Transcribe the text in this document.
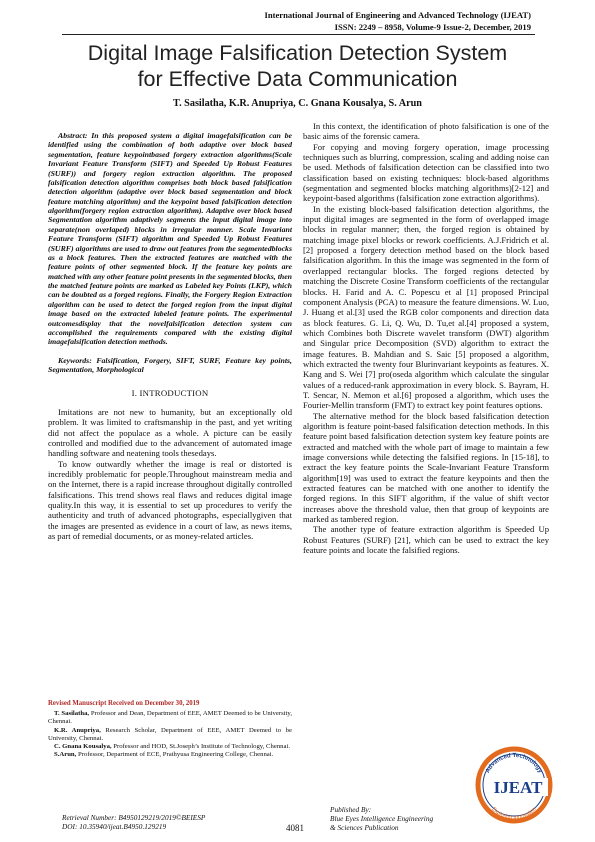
International Journal of Engineering and Advanced Technology (IJEAT)
ISSN: 2249 – 8958, Volume-9 Issue-2, December, 2019
Digital Image Falsification Detection System
for Effective Data Communication
T. Sasilatha, K.R. Anupriya, C. Gnana Kousalya, S. Arun

Abstract: In this proposed system a digital imagefalsification can be identified using the combination of both adaptive over block based segmentation, feature keypointbased forgery extraction algorithms(Scale Invariant Feature Transform (SIFT) and Speeded Up Robust Features (SURF)) and forgery region extraction algorithm. The proposed falsification detection algorithm comprises both block based falsification detection algorithm (adaptive over block based segmentation and block feature matching algorithm) and the keypoint based falsification detection algorithm(forgery region extraction algorithm). Adaptive over block based Segmentation algorithm adaptively segments the input digital image into separate(non overlaped) blocks in irregular manner. Scale Invariant Feature Transform (SIFT) algorithm and Speeded Up Robust Features (SURF) algorithms are used to draw out features from the segmentedblocks as a block features. Then the extracted features are matched with the feature points of other segmented block. If the feature key points are matched with any other feature point presents in the segmented blocks, then the matched feature points are marked as Labeled key Points (LKP), which can be doubted as a forged regions. Finally, the Forgery Region Extraction algorithm can be used to detect the forged region from the input digital image based on the extracted labeled feature points. The experimental outcomesdisplay that the novelfalsification detection system can accomplished the requirements compared with the existing digital imagefalsification detection methods.

Keywords: Falsification, Forgery, SIFT, SURF, Feature key points, Segmentation, Morphological

I. INTRODUCTION

Imitations are not new to humanity, but an exceptionally old problem. It was limited to craftsmanship in the past, and yet writing did not affect the populace as a whole. A picture can be easily controlled and modified due to the advancement of automated image handling software and neatening tools thesedays.

To know outwardly whether the image is real or distorted is incredibly problematic for people.Throughout mainstream media and on the Internet, there is a rapid increase throughout digitally controlled falsifications. This trend shows real flaws and reduces digital image quality.In this way, it is essential to set up procedures to verify the authenticity and truth of advanced photographs, especiallygiven that the images are presented as evidence in a court of law, as news items, as part of remedial documents, or as money-related articles.

In this context, the identification of photo falsification is one of the basic aims of the forensic camera.

For copying and moving forgery operation, image processing techniques such as blurring, compression, scaling and adding noise can be used. Methods of falsification detection can be classified into two classification based on existing techniques: block-based algorithms (segmentation and segmented blocks matching algorithms)[2-12] and keypoint-based algorithms (falsification zone extraction algorithms).

In the existing block-based falsification detection algorithms, the input digital images are segmented in the form of overlapped image blocks in regular manner; then, the forged region is obtained by matching image pixel blocks or rework coefficients. A.J.Fridrich et al.[2] proposed a forgery detection method based on the block based falsification algorithm. In this the image was segmented in the form of overlapped rectangular blocks. The forged regions detected by matching the Discrete Cosine Transform coefficients of the rectangular blocks. H. Farid and A. C. Popescu et al [1] proposed Principal component Analysis (PCA) to measure the feature dimensions. W. Luo, J. Huang et al.[3] used the RGB color components and direction data as block features. G. Li, Q. Wu, D. Tu,et al.[4] proposed a system, which Combines both Discrete wavelet transform (DWT) algorithm and Singular price Decomposition (SVD) algorithm to extract the image features. B. Mahdian and S. Saic [5] proposed a algorithm, which extracted the twenty four Blurinvariant keypoints as features. X. Kang and S. Wei [7] pro(oseda algorithm which calculate the singular values of a reduced-rank approximation in every block. S. Bayram, H. T. Sencar, N. Memon et al.[6] proposed a algorithm, which uses the Fourier-Mellin transform (FMT) to extract key point features options.

The alternative method for the block based falsification detection algorithm is feature point-based falsification detection methods. In this feature point based falsification detection system key feature points are extracted and matched with the whole part of image to maintain a few image conversions while detecting the falsified regions. In [15-18], to extract the key feature points the Scale-Invariant Feature Transform algorithm[19] was used to extract the feature keypoints and then the extracted features can be matched with one another to identify the forged regions. In this SIFT algorithm, if the value of shift vector increases above the threshold value, then that group of keypoints are marked as tambered region.

The another type of feature extraction algorithm is Speeded Up Robust Features (SURF) [21], which can be used to extract the key feature points and locate the falsified regions.

Revised Manuscript Received on December 30, 2019
T. Sasilatha, Professor and Dean, Department of EEE, AMET Deemed to be University, Chennai.
K.R. Anupriya, Research Scholar, Department of EEE, AMET Deemed to be University, Chennai.
C. Gnana Kousalya, Professor and HOD, St.Joseph’s Institute of Technology, Chennai.
S.Arun, Professor, Department of ECE, Prathyusa Engineering College, Chennai.
Retrieval Number: B4950129219/2019©BEIESP
DOI: 10.35940/ijeat.B4950.129219	4081
Published By:
Blue Eyes Intelligence Engineering
& Sciences Publication
Advanced Technology
Exploring Innovation
IJEAT
